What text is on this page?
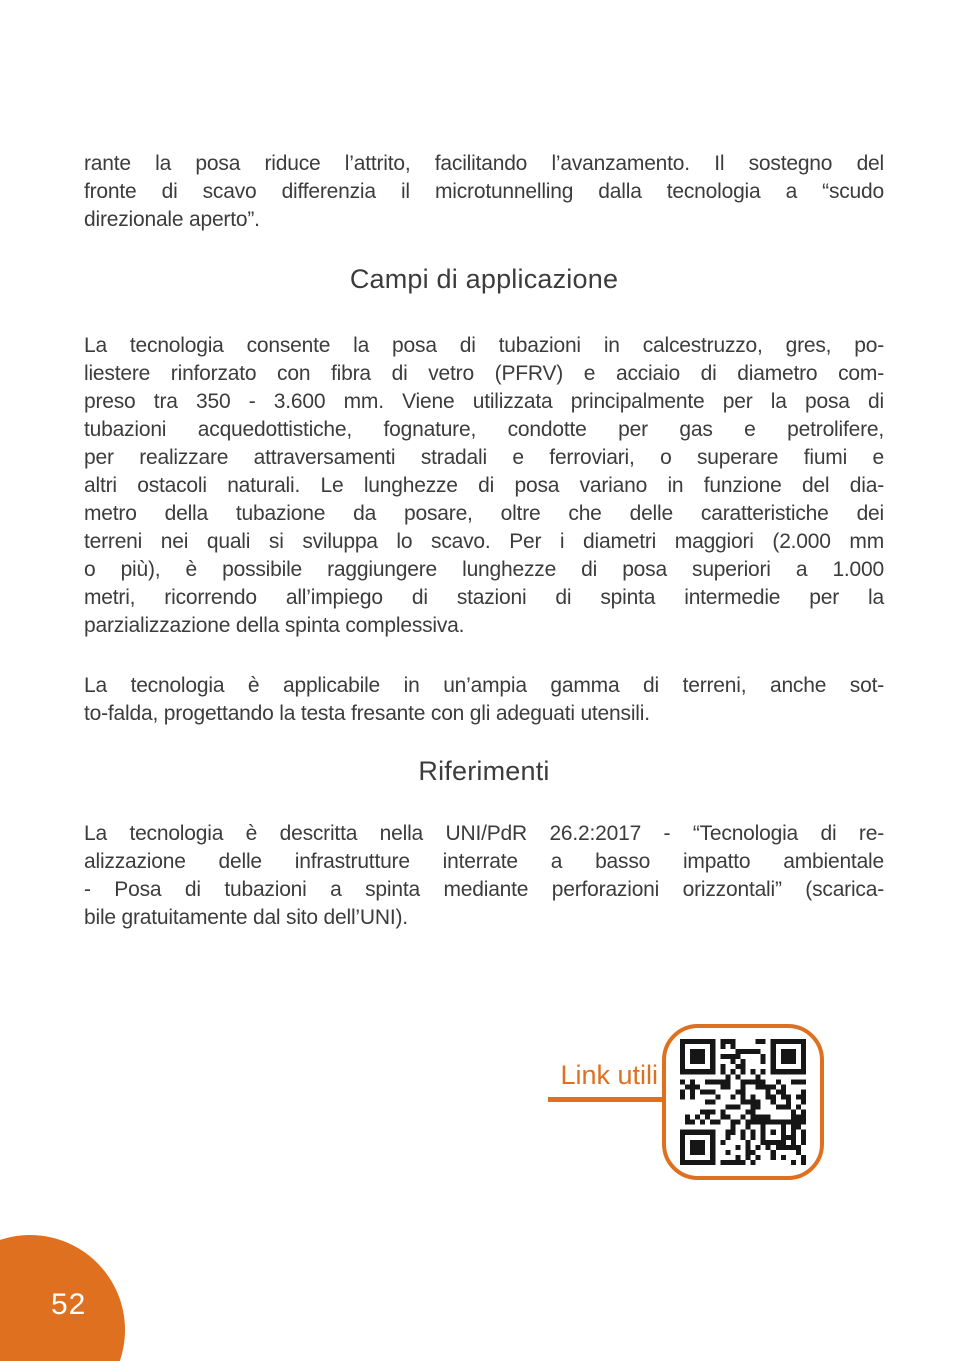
rante la posa riduce l’attrito, facilitando l’avanzamento. Il sostegno del
fronte di scavo differenzia il microtunnelling dalla tecnologia a “scudo
direzionale aperto”.
Campi di applicazione
La tecnologia consente la posa di tubazioni in calcestruzzo, gres, po-
liestere rinforzato con fibra di vetro (PFRV) e acciaio di diametro com-
preso tra 350 - 3.600 mm. Viene utilizzata principalmente per la posa di
tubazioni acquedottistiche, fognature, condotte per gas e petrolifere,
per realizzare attraversamenti stradali e ferroviari, o superare fiumi e
altri ostacoli naturali. Le lunghezze di posa variano in funzione del dia-
metro della tubazione da posare, oltre che delle caratteristiche dei
terreni nei quali si sviluppa lo scavo. Per i diametri maggiori (2.000 mm
o più), è possibile raggiungere lunghezze di posa superiori a 1.000
metri, ricorrendo all’impiego di stazioni di spinta intermedie per la
parzializzazione della spinta complessiva.
La tecnologia è applicabile in un’ampia gamma di terreni, anche sot-
to-falda, progettando la testa fresante con gli adeguati utensili.
Riferimenti
La tecnologia è descritta nella UNI/PdR 26.2:2017 - “Tecnologia di re-
alizzazione delle infrastrutture interrate a basso impatto ambientale
- Posa di tubazioni a spinta mediante perforazioni orizzontali” (scarica-
bile gratuitamente dal sito dell’UNI).
Link utili
52
